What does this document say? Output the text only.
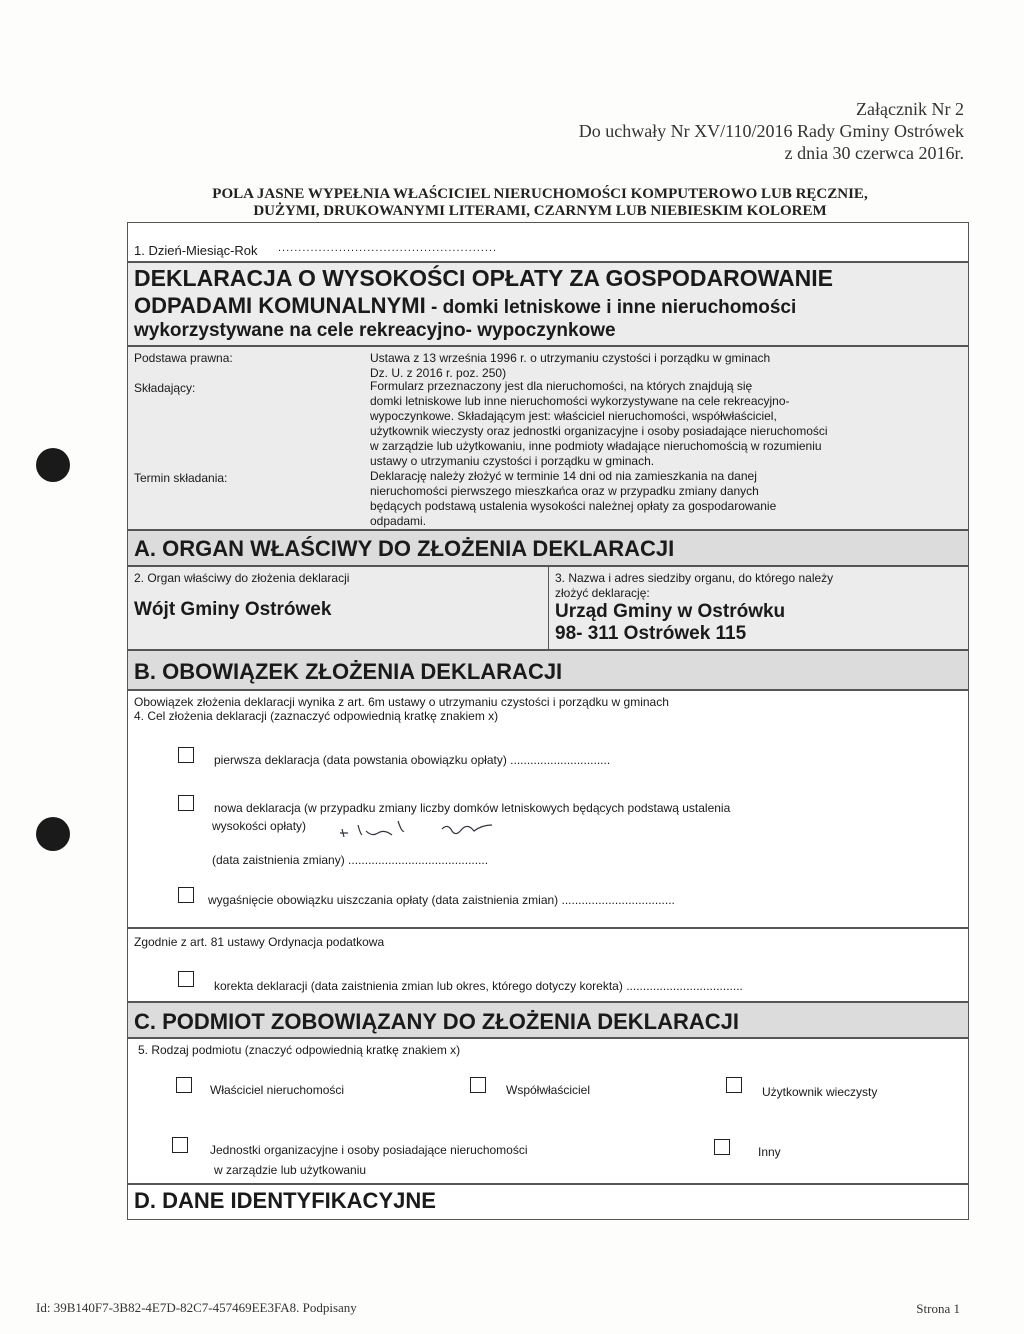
Załącznik Nr 2
Do uchwały Nr XV/110/2016 Rady Gminy Ostrówek
z dnia 30 czerwca 2016r.
POLA JASNE WYPEŁNIA WŁAŚCICIEL NIERUCHOMOŚCI KOMPUTEROWO LUB RĘCZNIE,
DUŻYMI, DRUKOWANYMI LITERAMI, CZARNYM LUB NIEBIESKIM KOLOREM
1. Dzień-Miesiąc-Rok ......................................................
DEKLARACJA O WYSOKOŚCI OPŁATY ZA GOSPODAROWANIE
ODPADAMI KOMUNALNYMI - domki letniskowe i inne nieruchomości
wykorzystywane na cele rekreacyjno- wypoczynkowe
Podstawa prawna:	Ustawa z 13 września 1996 r. o utrzymaniu czystości i porządku w gminach
Dz. U. z 2016 r. poz. 250)
Składający:	Formularz przeznaczony jest dla nieruchomości, na których znajdują się
domki letniskowe lub inne nieruchomości wykorzystywane na cele rekreacyjno-
wypoczynkowe. Składającym jest: właściciel nieruchomości, współwłaściciel,
użytkownik wieczysty oraz jednostki organizacyjne i osoby posiadające nieruchomości
w zarządzie lub użytkowaniu, inne podmioty władające nieruchomością w rozumieniu
ustawy o utrzymaniu czystości i porządku w gminach.
Termin składania:	Deklarację należy złożyć w terminie 14 dni od nia zamieszkania na danej
nieruchomości pierwszego mieszkańca oraz w przypadku zmiany danych
będących podstawą ustalenia wysokości należnej opłaty za gospodarowanie
odpadami.
A. ORGAN WŁAŚCIWY DO ZŁOŻENIA DEKLARACJI
2. Organ właściwy do złożenia deklaracji
Wójt Gminy Ostrówek
3. Nazwa i adres siedziby organu, do którego należy
złożyć deklarację:
Urząd Gminy w Ostrówku
98- 311 Ostrówek 115
B. OBOWIĄZEK ZŁOŻENIA DEKLARACJI
Obowiązek złożenia deklaracji wynika z art. 6m ustawy o utrzymaniu czystości i porządku w gminach
4. Cel złożenia deklaracji (zaznaczyć odpowiednią kratkę znakiem x)
pierwsza deklaracja (data powstania obowiązku opłaty) ..............................
nowa deklaracja (w przypadku zmiany liczby domków letniskowych będących podstawą ustalenia
wysokości opłaty)
(data zaistnienia zmiany) ..........................................
wygaśnięcie obowiązku uiszczania opłaty (data zaistnienia zmian) ..................................
Zgodnie z art. 81 ustawy Ordynacja podatkowa
korekta deklaracji (data zaistnienia zmian lub okres, którego dotyczy korekta) ...................................
C. PODMIOT ZOBOWIĄZANY DO ZŁOŻENIA DEKLARACJI
5. Rodzaj podmiotu (znaczyć odpowiednią kratkę znakiem x)
Właściciel nieruchomości	Współwłaściciel	Użytkownik wieczysty
Jednostki organizacyjne i osoby posiadające nieruchomości
w zarządzie lub użytkowaniu
Inny
D. DANE IDENTYFIKACYJNE
Id: 39B140F7-3B82-4E7D-82C7-457469EE3FA8. Podpisany	Strona 1
